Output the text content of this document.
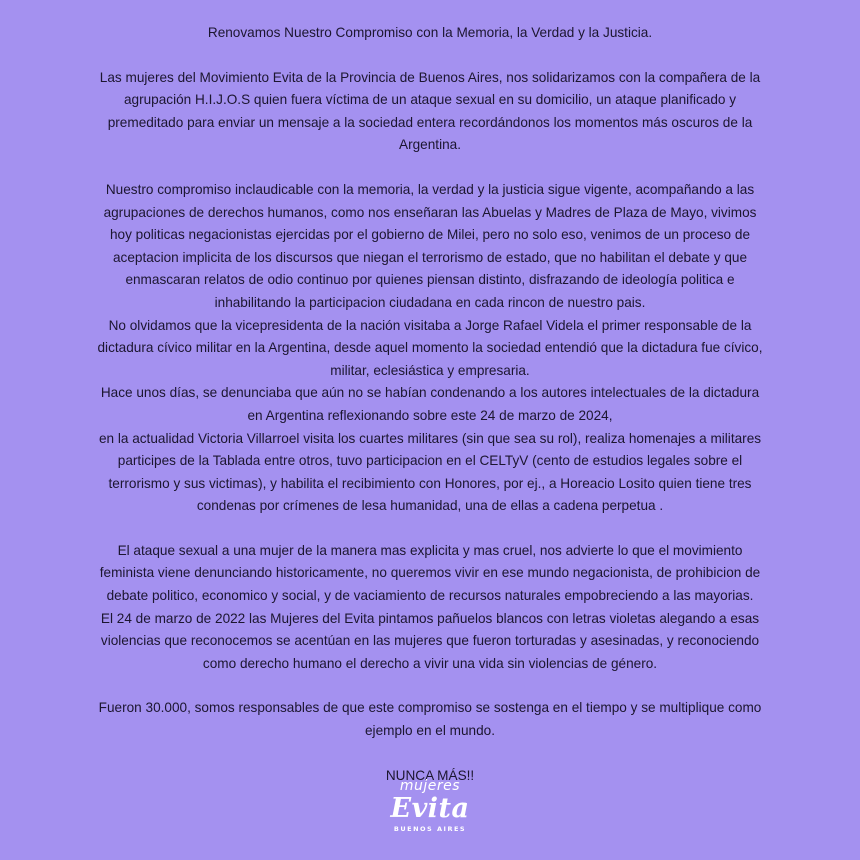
Renovamos Nuestro Compromiso con la Memoria, la Verdad y la Justicia.

Las mujeres del Movimiento Evita de la Provincia de Buenos Aires, nos solidarizamos con la compañera de la
agrupación H.I.J.O.S quien fuera víctima de un ataque sexual en su domicilio, un ataque planificado y
premeditado para enviar un mensaje a la sociedad entera recordándonos los momentos más oscuros de la
Argentina.

Nuestro compromiso inclaudicable con la memoria, la verdad y la justicia sigue vigente, acompañando a las
agrupaciones de derechos humanos, como nos enseñaran las Abuelas y Madres de Plaza de Mayo, vivimos
hoy politicas negacionistas ejercidas por el gobierno de Milei, pero no solo eso, venimos de un proceso de
aceptacion implicita de los discursos que niegan el terrorismo de estado, que no habilitan el debate y que
enmascaran relatos de odio continuo por quienes piensan distinto, disfrazando de ideología politica e
inhabilitando la participacion ciudadana en cada rincon de nuestro pais.
No olvidamos que la vicepresidenta de la nación visitaba a Jorge Rafael Videla el primer responsable de la
dictadura cívico militar en la Argentina, desde aquel momento la sociedad entendió que la dictadura fue cívico,
militar, eclesiástica y empresaria.
Hace unos días, se denunciaba que aún no se habían condenando a los autores intelectuales de la dictadura
en Argentina reflexionando sobre este 24 de marzo de 2024,
en la actualidad Victoria Villarroel visita los cuartes militares (sin que sea su rol), realiza homenajes a militares
participes de la Tablada entre otros, tuvo participacion en el CELTyV (cento de estudios legales sobre el
terrorismo y sus victimas), y habilita el recibimiento con Honores, por ej., a Horeacio Losito quien tiene tres
condenas por crímenes de lesa humanidad, una de ellas a cadena perpetua .

El ataque sexual a una mujer de la manera mas explicita y mas cruel, nos advierte lo que el movimiento
feminista viene denunciando historicamente, no queremos vivir en ese mundo negacionista, de prohibicion de
debate politico, economico y social, y de vaciamiento de recursos naturales empobreciendo a las mayorias.
El 24 de marzo de 2022 las Mujeres del Evita pintamos pañuelos blancos con letras violetas alegando a esas
violencias que reconocemos se acentúan en las mujeres que fueron torturadas y asesinadas, y reconociendo
como derecho humano el derecho a vivir una vida sin violencias de género.

Fueron 30.000, somos responsables de que este compromiso se sostenga en el tiempo y se multiplique como
ejemplo en el mundo.

NUNCA MÁS!!

mujeres
Evita
BUENOS AIRES
